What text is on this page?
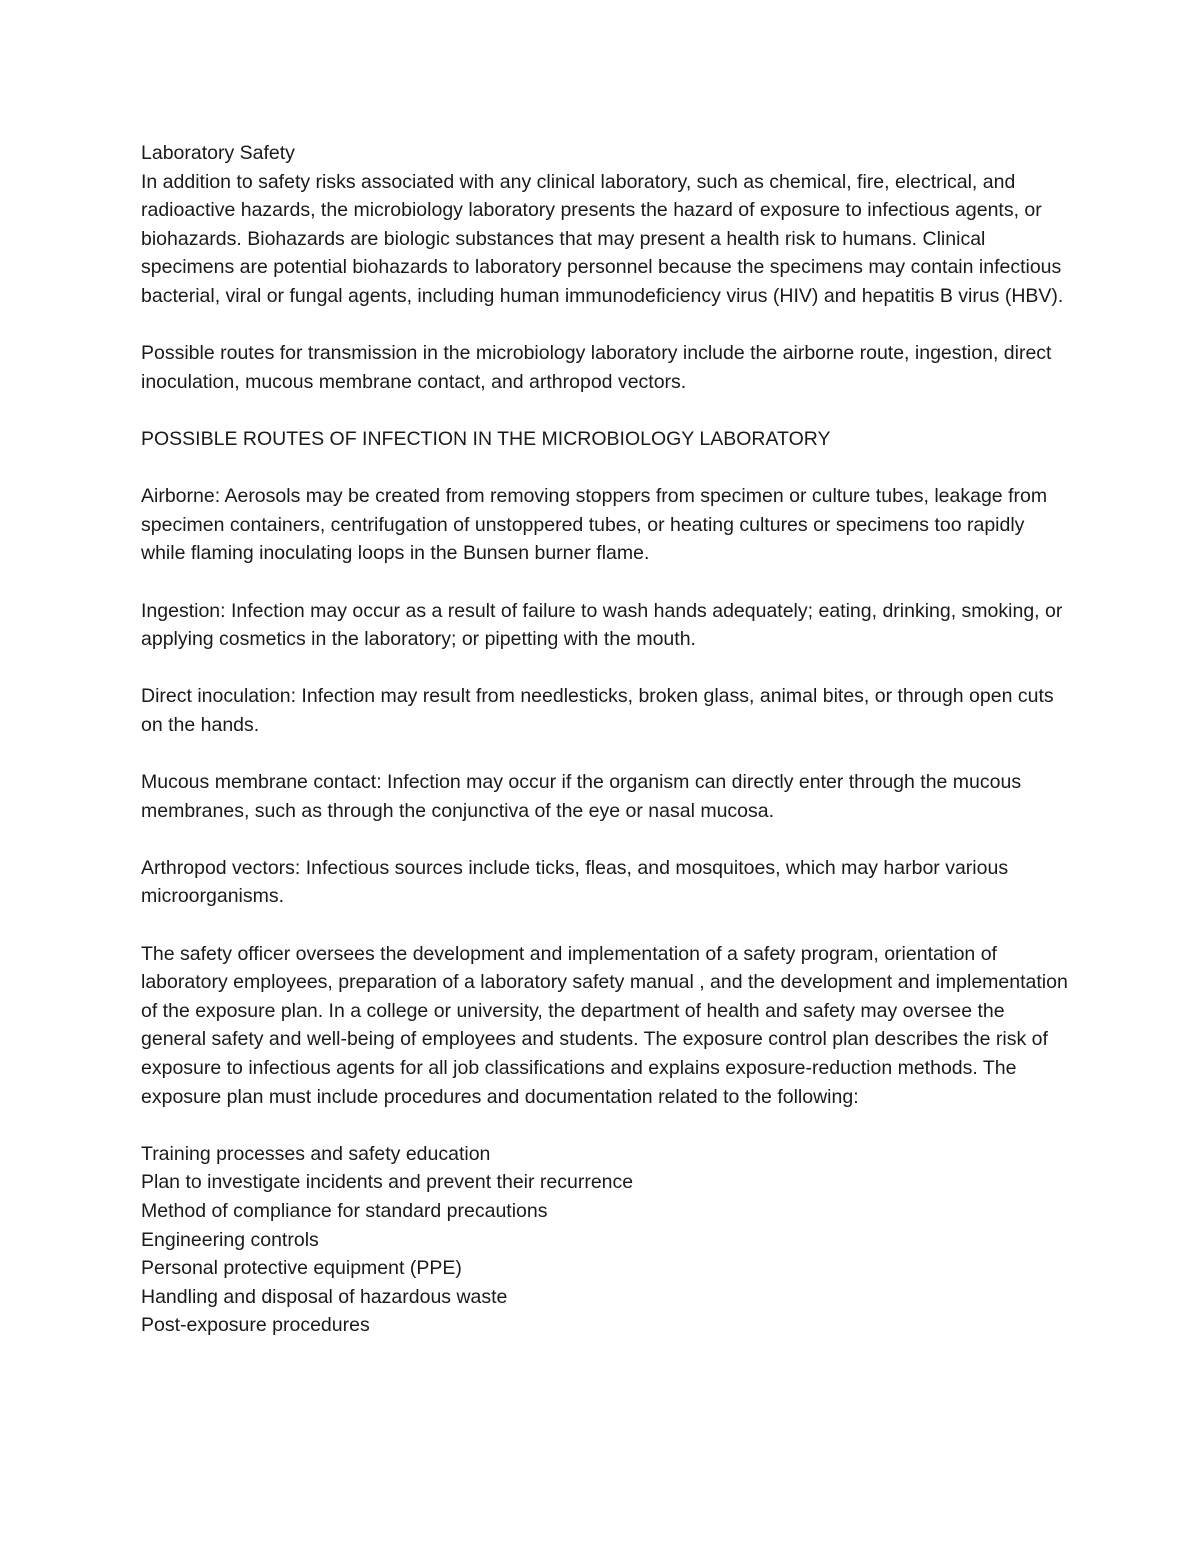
Laboratory Safety

In addition to safety risks associated with any clinical laboratory, such as chemical, fire, electrical, and radioactive hazards, the microbiology laboratory presents the hazard of exposure to infectious agents, or biohazards. Biohazards are biologic substances that may present a health risk to humans. Clinical specimens are potential biohazards to laboratory personnel because the specimens may contain infectious bacterial, viral or fungal agents, including human immunodeficiency virus (HIV) and hepatitis B virus (HBV).

Possible routes for transmission in the microbiology laboratory include the airborne route, ingestion, direct inoculation, mucous membrane contact, and arthropod vectors.

POSSIBLE ROUTES OF INFECTION IN THE MICROBIOLOGY LABORATORY

Airborne: Aerosols may be created from removing stoppers from specimen or culture tubes, leakage from specimen containers, centrifugation of unstoppered tubes, or heating cultures or specimens too rapidly while flaming inoculating loops in the Bunsen burner flame.

Ingestion: Infection may occur as a result of failure to wash hands adequately; eating, drinking, smoking, or applying cosmetics in the laboratory; or pipetting with the mouth.

Direct inoculation: Infection may result from needlesticks, broken glass, animal bites, or through open cuts on the hands.

Mucous membrane contact: Infection may occur if the organism can directly enter through the mucous membranes, such as through the conjunctiva of the eye or nasal mucosa.

Arthropod vectors: Infectious sources include ticks, fleas, and mosquitoes, which may harbor various microorganisms.

The safety officer oversees the development and implementation of a safety program, orientation of laboratory employees, preparation of a laboratory safety manual , and the development and implementation of the exposure plan. In a college or university, the department of health and safety may oversee the general safety and well-being of employees and students. The exposure control plan describes the risk of exposure to infectious agents for all job classifications and explains exposure-reduction methods. The exposure plan must include procedures and documentation related to the following:

Training processes and safety education
Plan to investigate incidents and prevent their recurrence
Method of compliance for standard precautions
Engineering controls
Personal protective equipment (PPE)
Handling and disposal of hazardous waste
Post-exposure procedures
